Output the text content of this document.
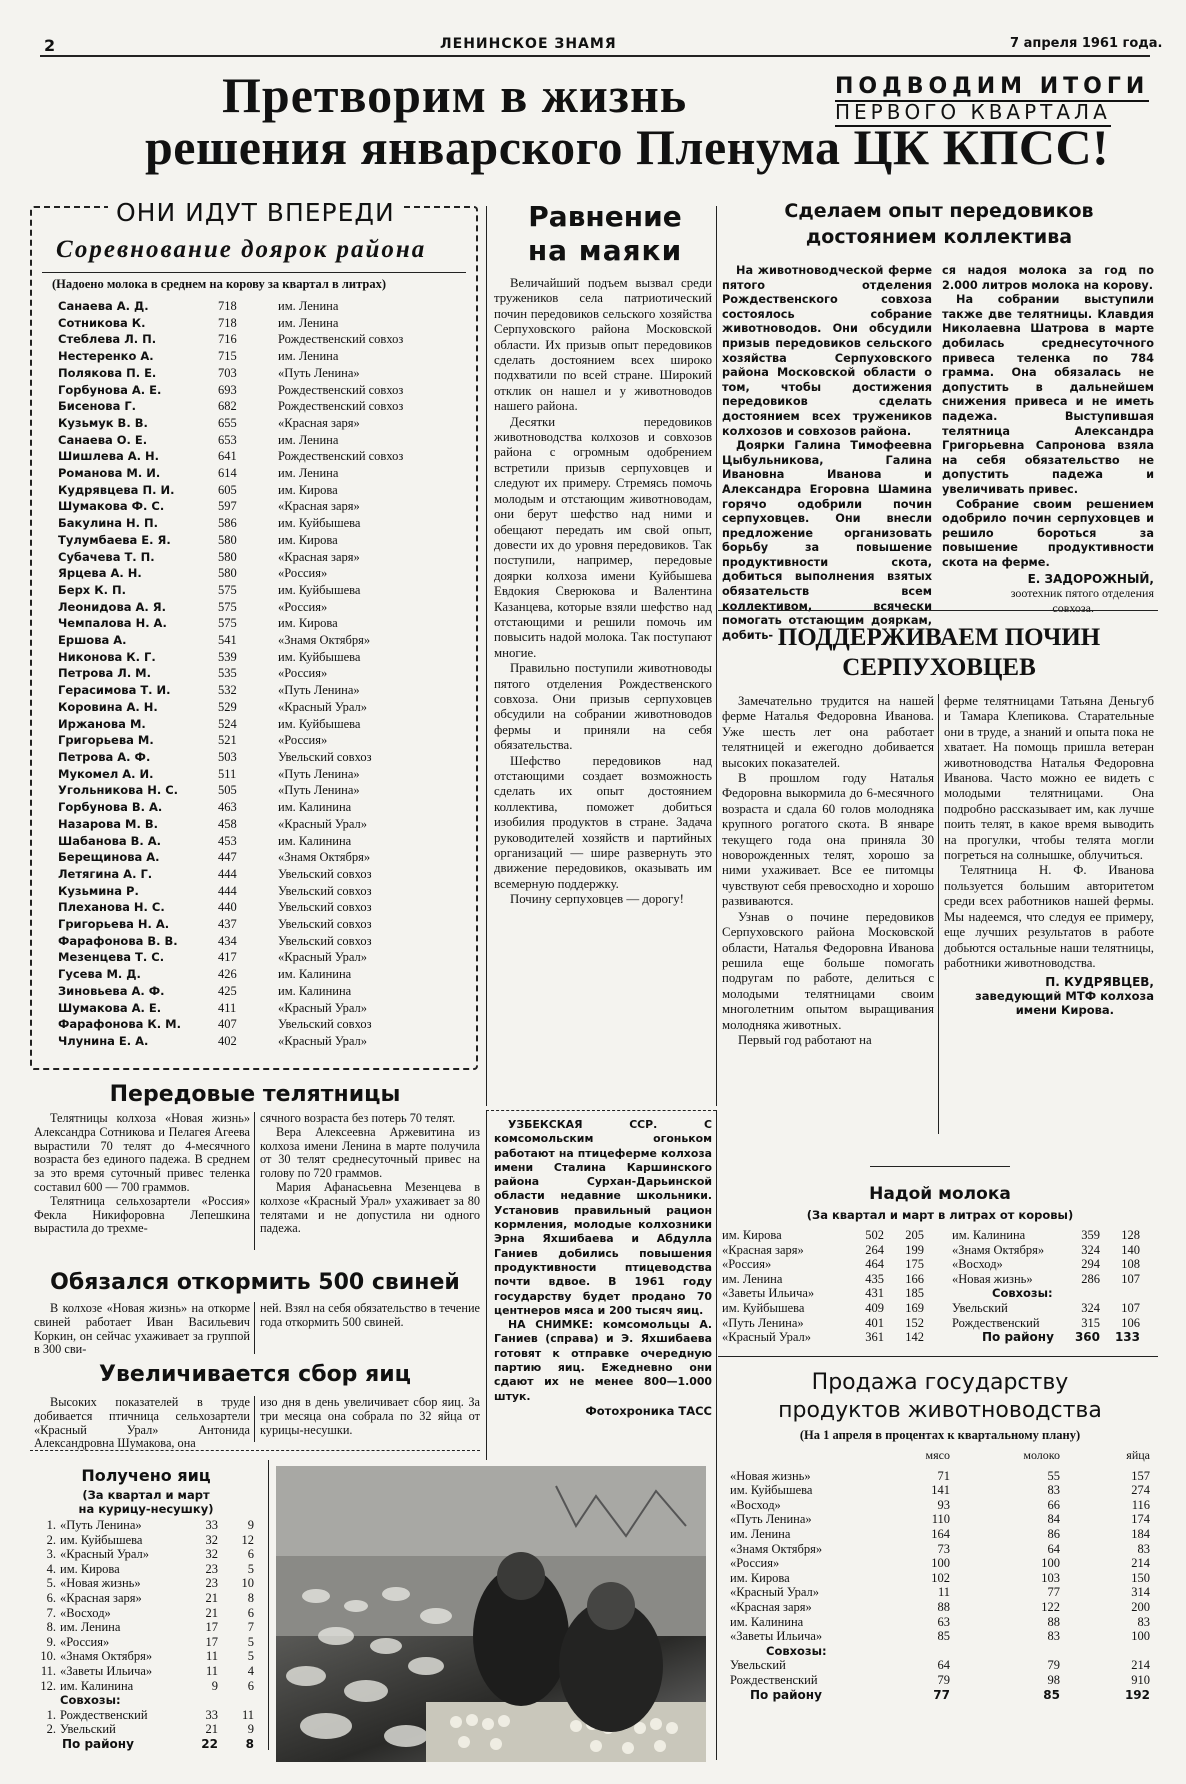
2	ЛЕНИНСКОЕ ЗНАМЯ	7 апреля 1961 года.
Претворим в жизнь
решения январского Пленума ЦК КПСС!
ПОДВОДИМ ИТОГИ
ПЕРВОГО КВАРТАЛА
ОНИ ИДУТ ВПЕРЕДИ
Соревнование доярок района
(Надоено молока в среднем на корову за квартал в литрах)
Санаева А. Д.	718	им. Ленина
Сотникова К.	718	им. Ленина
Стеблева Л. П.	716	Рождественский совхоз
Нестеренко А.	715	им. Ленина
Полякова П. Е.	703	«Путь Ленина»
Горбунова А. Е.	693	Рождественский совхоз
Бисенова Г.	682	Рождественский совхоз
Кузьмук В. В.	655	«Красная заря»
Санаева О. Е.	653	им. Ленина
Шишлева А. Н.	641	Рождественский совхоз
Романова М. И.	614	им. Ленина
Кудрявцева П. И.	605	им. Кирова
Шумакова Ф. С.	597	«Красная заря»
Бакулина Н. П.	586	им. Куйбышева
Тулумбаева Е. Я.	580	им. Кирова
Субачева Т. П.	580	«Красная заря»
Ярцева А. Н.	580	«Россия»
Берх К. П.	575	им. Куйбышева
Леонидова А. Я.	575	«Россия»
Чемпалова Н. А.	575	им. Кирова
Ершова А.	541	«Знамя Октября»
Никонова К. Г.	539	им. Куйбышева
Петрова Л. М.	535	«Россия»
Герасимова Т. И.	532	«Путь Ленина»
Коровина А. Н.	529	«Красный Урал»
Иржанова М.	524	им. Куйбышева
Григорьева М.	521	«Россия»
Петрова А. Ф.	503	Увельский совхоз
Мукомел А. И.	511	«Путь Ленина»
Угольникова Н. С.	505	«Путь Ленина»
Горбунова В. А.	463	им. Калинина
Назарова М. В.	458	«Красный Урал»
Шабанова В. А.	453	им. Калинина
Берещинова А.	447	«Знамя Октября»
Летягина А. Г.	444	Увельский совхоз
Кузьмина Р.	444	Увельский совхоз
Плеханова Н. С.	440	Увельский совхоз
Григорьева Н. А.	437	Увельский совхоз
Фарафонова В. В.	434	Увельский совхоз
Мезенцева Т. С.	417	«Красный Урал»
Гусева М. Д.	426	им. Калинина
Зиновьева А. Ф.	425	им. Калинина
Шумакова А. Е.	411	«Красный Урал»
Фарафонова К. М.	407	Увельский совхоз
Члунина Е. А.	402	«Красный Урал»
Равнение
на маяки

Величайший подъем вызвал среди тружеников села патриотический почин передовиков сельского хозяйства Серпуховского района Московской области. Их призыв опыт передовиков сделать достоянием всех широко подхватили по всей стране. Широкий отклик он нашел и у животноводов нашего района.

Десятки передовиков животноводства колхозов и совхозов района с огромным одобрением встретили призыв серпуховцев и следуют их примеру. Стремясь помочь молодым и отстающим животноводам, они берут шефство над ними и обещают передать им свой опыт, довести их до уровня передовиков. Так поступили, например, передовые доярки колхоза имени Куйбышева Евдокия Сверюкова и Валентина Казанцева, которые взяли шефство над отстающими и решили помочь им повысить надой молока. Так поступают многие.

Правильно поступили животноводы пятого отделения Рождественского совхоза. Они призыв серпуховцев обсудили на собрании животноводов фермы и приняли на себя обязательства.

Шефство передовиков над отстающими создает возможность сделать их опыт достоянием коллектива, поможет добиться изобилия продуктов в стране. Задача руководителей хозяйств и партийных организаций — шире развернуть это движение передовиков, оказывать им всемерную поддержку.

Почину серпуховцев — дорогу!

Сделаем опыт передовиков
достоянием коллектива

На животноводческой ферме пятого отделения Рождественского совхоза состоялось собрание животноводов. Они обсудили призыв передовиков сельского хозяйства Серпуховского района Московской области о том, чтобы достижения передовиков сделать достоянием всех тружеников колхозов и совхозов района.

Доярки Галина Тимофеевна Цыбульникова, Галина Ивановна Иванова и Александра Егоровна Шамина горячо одобрили почин серпуховцев. Они внесли предложение организовать борьбу за повышение продуктивности скота, добиться выполнения взятых обязательств всем коллективом, всячески помогать отстающим дояркам, добить-

ся надоя молока за год по 2.000 литров молока на корову.

На собрании выступили также две телятницы. Клавдия Николаевна Шатрова в марте добилась среднесуточного привеса теленка по 784 грамма. Она обязалась не допустить в дальнейшем снижения привеса и не иметь падежа. Выступившая телятница Александра Григорьевна Сапронова взяла на себя обязательство не допустить падежа и увеличивать привес.

Собрание своим решением одобрило почин серпуховцев и решило бороться за повышение продуктивности скота на ферме.

Е. ЗАДОРОЖНЫЙ,
зоотехник пятого отделения
совхоза.
ПОДДЕРЖИВАЕМ ПОЧИН
СЕРПУХОВЦЕВ

Замечательно трудится на нашей ферме Наталья Федоровна Иванова. Уже шесть лет она работает телятницей и ежегодно добивается высоких показателей.

В прошлом году Наталья Федоровна выкормила до 6-месячного возраста и сдала 60 голов молодняка крупного рогатого скота. В январе текущего года она приняла 30 новорожденных телят, хорошо за ними ухаживает. Все ее питомцы чувствуют себя превосходно и хорошо развиваются.

Узнав о почине передовиков Серпуховского района Московской области, Наталья Федоровна Иванова решила еще больше помогать подругам по работе, делиться с молодыми телятницами своим многолетним опытом выращивания молодняка животных.

Первый год работают на

ферме телятницами Татьяна Деньгуб и Тамара Клепикова. Старательные они в труде, а знаний и опыта пока не хватает. На помощь пришла ветеран животноводства Наталья Федоровна Иванова. Часто можно ее видеть с молодыми телятницами. Она подробно рассказывает им, как лучше поить телят, в какое время выводить на прогулки, чтобы телята могли погреться на солнышке, облучиться.

Телятница Н. Ф. Иванова пользуется большим авторитетом среди всех работников нашей фермы. Мы надеемся, что следуя ее примеру, еще лучших результатов в работе добьются остальные наши телятницы, работники животноводства.

П. КУДРЯВЦЕВ,
заведующий МТФ колхоза
имени Кирова.
Передовые телятницы

Телятницы колхоза «Новая жизнь» Александра Сотникова и Пелагея Агеева вырастили 70 телят до 4-месячного возраста без единого падежа. В среднем за это время суточный привес теленка составил 600 — 700 граммов.

Телятница сельхозартели «Россия» Фекла Никифоровна Лепешкина вырастила до трехме-

сячного возраста без потерь 70 телят.

Вера Алексеевна Аржевитина из колхоза имени Ленина в марте получила от 30 телят среднесуточный привес на голову по 720 граммов.

Мария Афанасьевна Мезенцева в колхозе «Красный Урал» ухаживает за 80 телятами и не допустила ни одного падежа.

Обязался откормить 500 свиней

В колхозе «Новая жизнь» на откорме свиней работает Иван Васильевич Коркин, он сейчас ухаживает за группой в 300 сви-

ней. Взял на себя обязательство в течение года откормить 500 свиней.

Увеличивается сбор яиц

Высоких показателей в труде добивается птичница сельхозартели «Красный Урал» Антонида Александровна Шумакова, она

изо дня в день увеличивает сбор яиц. За три месяца она собрала по 32 яйца от курицы-несушки.

Получено яиц
(За квартал и март
на курицу-несушку)
1. «Путь Ленина»	33	9
2. им. Куйбышева	32	12
3. «Красный Урал»	32	6
4. им. Кирова	23	5
5. «Новая жизнь»	23	10
6. «Красная заря»	21	8
7. «Восход»	21	6
8. им. Ленина	17	7
9. «Россия»	17	5
10. «Знамя Октября»	11	5
11. «Заветы Ильича»	11	4
12. им. Калинина	9	6
Совхозы:
1. Рождественский	33	11
2. Увельский	21	9
По району	22	8

УЗБЕКСКАЯ ССР. С комсомольским огоньком работают на птицеферме колхоза имени Сталина Каршинского района Сурхан-Дарьинской области недавние школьники. Установив правильный рацион кормления, молодые колхозники Эрна Яхшибаева и Абдулла Ганиев добились повышения продуктивности птицеводства почти вдвое. В 1961 году государству будет продано 70 центнеров мяса и 200 тысяч яиц.

НА СНИМКЕ: комсомольцы А. Ганиев (справа) и Э. Яхшибаева готовят к отправке очередную партию яиц. Ежедневно они сдают их не менее 800—1.000 штук.

Фотохроника ТАСС
Надой молока
(За квартал и март в литрах от коровы)
им. Кирова	502	205
«Красная заря»	264	199
«Россия»	464	175
им. Ленина	435	166
«Заветы Ильича»	431	185
им. Куйбышева	409	169
«Путь Ленина»	401	152
«Красный Урал»	361	142
им. Калинина	359	128
«Знамя Октября»	324	140
«Восход»	294	108
«Новая жизнь»	286	107
Совхозы:
Увельский	324	107
Рождественский	315	106
По району	360	133
Продажа государству
продуктов животноводства
(На 1 апреля в процентах к квартальному плану)
мясо	молоко	яйца
«Новая жизнь»	71	55	157
им. Куйбышева	141	83	274
«Восход»	93	66	116
«Путь Ленина»	110	84	174
им. Ленина	164	86	184
«Знамя Октября»	73	64	83
«Россия»	100	100	214
им. Кирова	102	103	150
«Красный Урал»	11	77	314
«Красная заря»	88	122	200
им. Калинина	63	88	83
«Заветы Ильича»	85	83	100
Совхозы:
Увельский	64	79	214
Рождественский	79	98	910
По району	77	85	192
